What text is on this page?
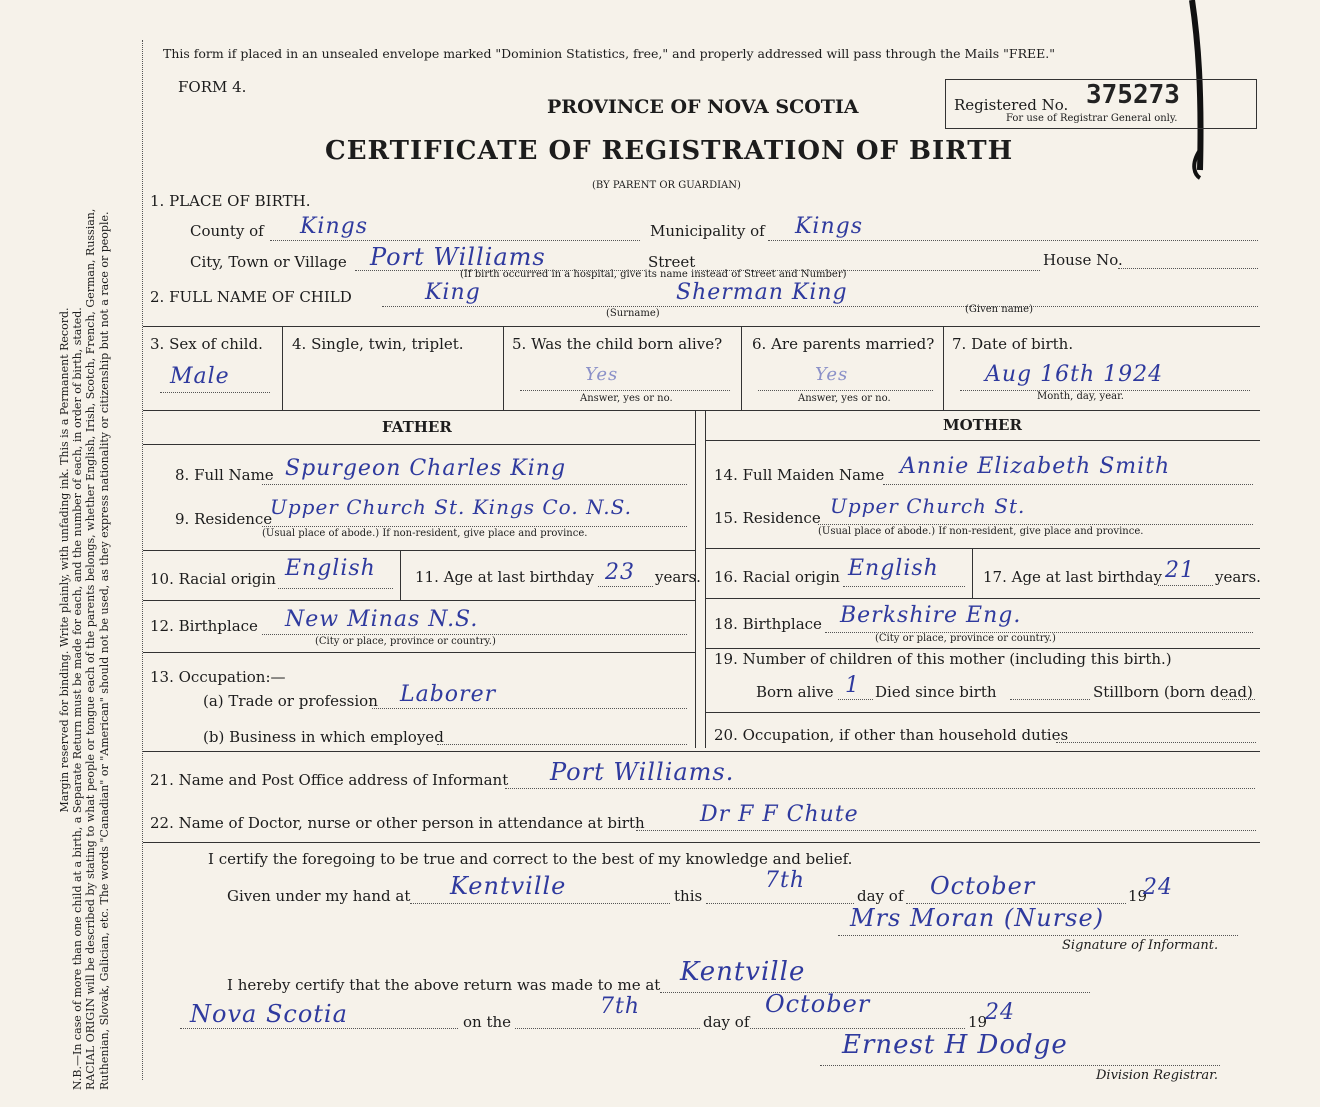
Margin reserved for binding. Write plainly, with unfading ink. This is a Permanent Record. N.B.—In case of more than one child at a birth, a Separate Return must be made for each, and the number of each, in order of birth, stated. RACIAL ORIGIN will be described by stating to what people or tongue each of the parents belongs, whether English, Irish, Scotch, French, German, Russian, Ruthenian, Slovak, Galician, etc. The words "Canadian" or "American" should not be used, as they express nationality or citizenship but not a race or people.
This form if placed in an unsealed envelope marked "Dominion Statistics, free," and properly addressed will pass through the Mails "FREE."
FORM 4.
PROVINCE OF NOVA SCOTIA
CERTIFICATE OF REGISTRATION OF BIRTH
(BY PARENT OR GUARDIAN)
Registered No. 375273
For use of Registrar General only.
1. PLACE OF BIRTH.
County of Kings	Municipality of Kings
City, Town or Village Port Williams	Street	House No.
(If birth occurred in a hospital, give its name instead of Street and Number)
2. FULL NAME OF CHILD	King	Sherman King
(Surname)	(Given name)
3. Sex of child.
Male
4. Single, twin, triplet.	5. Was the child born alive?
Yes
Answer, yes or no.
6. Are parents married?
Yes
Answer, yes or no.
7. Date of birth.
Aug 16th 1924
Month, day, year.
FATHER	MOTHER
8. Full Name Spurgeon Charles King
9. Residence
Upper Church St. Kings Co. N.S.
(Usual place of abode.) If non-resident, give place and province.
10. Racial origin English	11. Age at last birthday 23 years.
12. Birthplace New Minas N.S.
(City or place, province or country.)
13. Occupation:—
(a) Trade or profession Laborer
(b) Business in which employed
14. Full Maiden Name Annie Elizabeth Smith
15. Residence Upper Church St.
(Usual place of abode.) If non-resident, give place and province.
16. Racial origin English	17. Age at last birthday 21 years.
18. Birthplace Berkshire Eng.
(City or place, province or country.)
19. Number of children of this mother (including this birth.)
Born alive 1 Died since birth	Stillborn (born dead)
20. Occupation, if other than household duties
21. Name and Post Office address of Informant Port Williams.
22. Name of Doctor, nurse or other person in attendance at birth	Dr F F Chute
I certify the foregoing to be true and correct to the best of my knowledge and belief.
Given under my hand at Kentville	this
7th
day of October	19
24
Mrs Moran (Nurse)
Signature of Informant.
I hereby certify that the above return was made to me at Kentville
Nova Scotia	on the
7th
day of
October
19
24
Ernest H Dodge
Division Registrar.
